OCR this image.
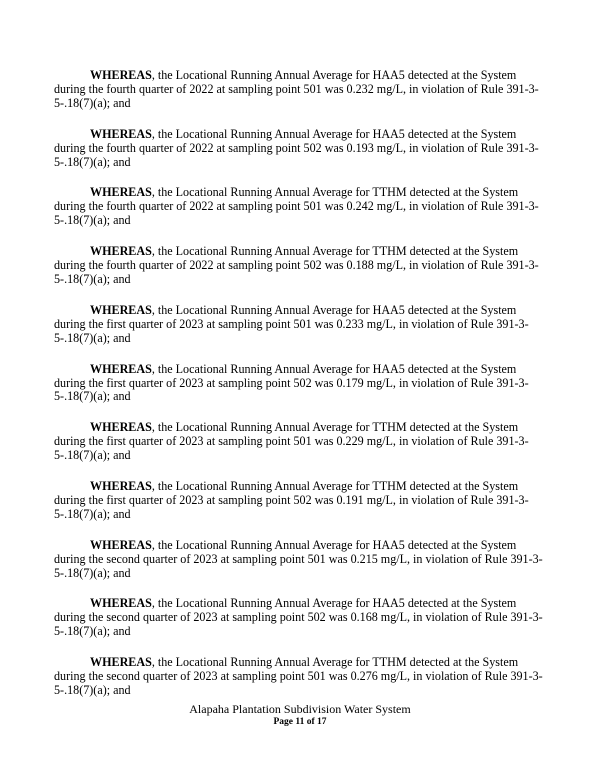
WHEREAS, the Locational Running Annual Average for HAA5 detected at the System during the fourth quarter of 2022 at sampling point 501 was 0.232 mg/L, in violation of Rule 391-3-5-.18(7)(a); and

WHEREAS, the Locational Running Annual Average for HAA5 detected at the System during the fourth quarter of 2022 at sampling point 502 was 0.193 mg/L, in violation of Rule 391-3-5-.18(7)(a); and

WHEREAS, the Locational Running Annual Average for TTHM detected at the System during the fourth quarter of 2022 at sampling point 501 was 0.242 mg/L, in violation of Rule 391-3-5-.18(7)(a); and

WHEREAS, the Locational Running Annual Average for TTHM detected at the System during the fourth quarter of 2022 at sampling point 502 was 0.188 mg/L, in violation of Rule 391-3-5-.18(7)(a); and

WHEREAS, the Locational Running Annual Average for HAA5 detected at the System during the first quarter of 2023 at sampling point 501 was 0.233 mg/L, in violation of Rule 391-3-5-.18(7)(a); and

WHEREAS, the Locational Running Annual Average for HAA5 detected at the System during the first quarter of 2023 at sampling point 502 was 0.179 mg/L, in violation of Rule 391-3-5-.18(7)(a); and

WHEREAS, the Locational Running Annual Average for TTHM detected at the System during the first quarter of 2023 at sampling point 501 was 0.229 mg/L, in violation of Rule 391-3-5-.18(7)(a); and

WHEREAS, the Locational Running Annual Average for TTHM detected at the System during the first quarter of 2023 at sampling point 502 was 0.191 mg/L, in violation of Rule 391-3-5-.18(7)(a); and

WHEREAS, the Locational Running Annual Average for HAA5 detected at the System during the second quarter of 2023 at sampling point 501 was 0.215 mg/L, in violation of Rule 391-3-5-.18(7)(a); and

WHEREAS, the Locational Running Annual Average for HAA5 detected at the System during the second quarter of 2023 at sampling point 502 was 0.168 mg/L, in violation of Rule 391-3-5-.18(7)(a); and

WHEREAS, the Locational Running Annual Average for TTHM detected at the System during the second quarter of 2023 at sampling point 501 was 0.276 mg/L, in violation of Rule 391-3-5-.18(7)(a); and

Alapaha Plantation Subdivision Water System
Page 11 of 17
